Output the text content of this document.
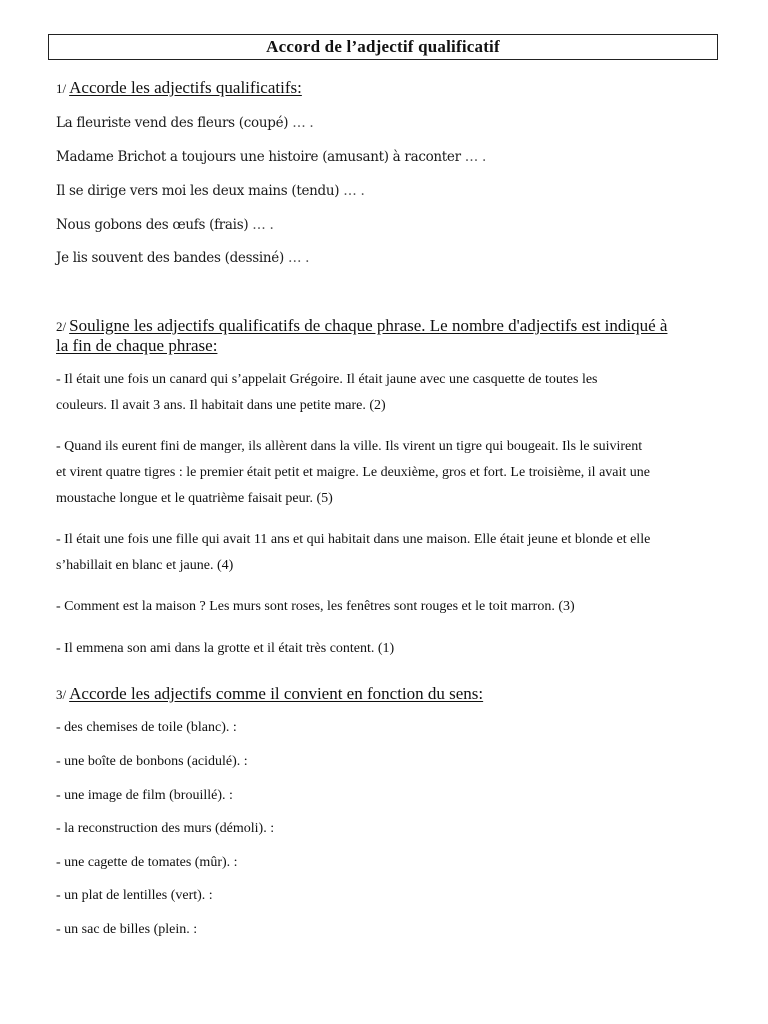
Accord de l’adjectif qualificatif
1/ Accorde les adjectifs qualificatifs:
La fleuriste vend des fleurs (coupé) … .
Madame Brichot a toujours une histoire (amusant) à raconter … .
Il se dirige vers moi les deux mains (tendu) … .
Nous gobons des œufs (frais) … .
Je lis souvent des bandes (dessiné) … .
2/ Souligne les adjectifs qualificatifs de chaque phrase. Le nombre d'adjectifs est indiqué à
la fin de chaque phrase:
- Il était une fois un canard qui s’appelait Grégoire. Il était jaune avec une casquette de toutes les
couleurs. Il avait 3 ans. Il habitait dans une petite mare. (2)
- Quand ils eurent fini de manger, ils allèrent dans la ville. Ils virent un tigre qui bougeait. Ils le suivirent
et virent quatre tigres : le premier était petit et maigre. Le deuxième, gros et fort. Le troisième, il avait une
moustache longue et le quatrième faisait peur. (5)
- Il était une fois une fille qui avait 11 ans et qui habitait dans une maison. Elle était jeune et blonde et elle
s’habillait en blanc et jaune. (4)
- Comment est la maison ? Les murs sont roses, les fenêtres sont rouges et le toit marron. (3)
- Il emmena son ami dans la grotte et il était très content. (1)
3/ Accorde les adjectifs comme il convient en fonction du sens:
- des chemises de toile (blanc). :
- une boîte de bonbons (acidulé). :
- une image de film (brouillé). :
- la reconstruction des murs (démoli). :
- une cagette de tomates (mûr). :
- un plat de lentilles (vert). :
- un sac de billes (plein. :
